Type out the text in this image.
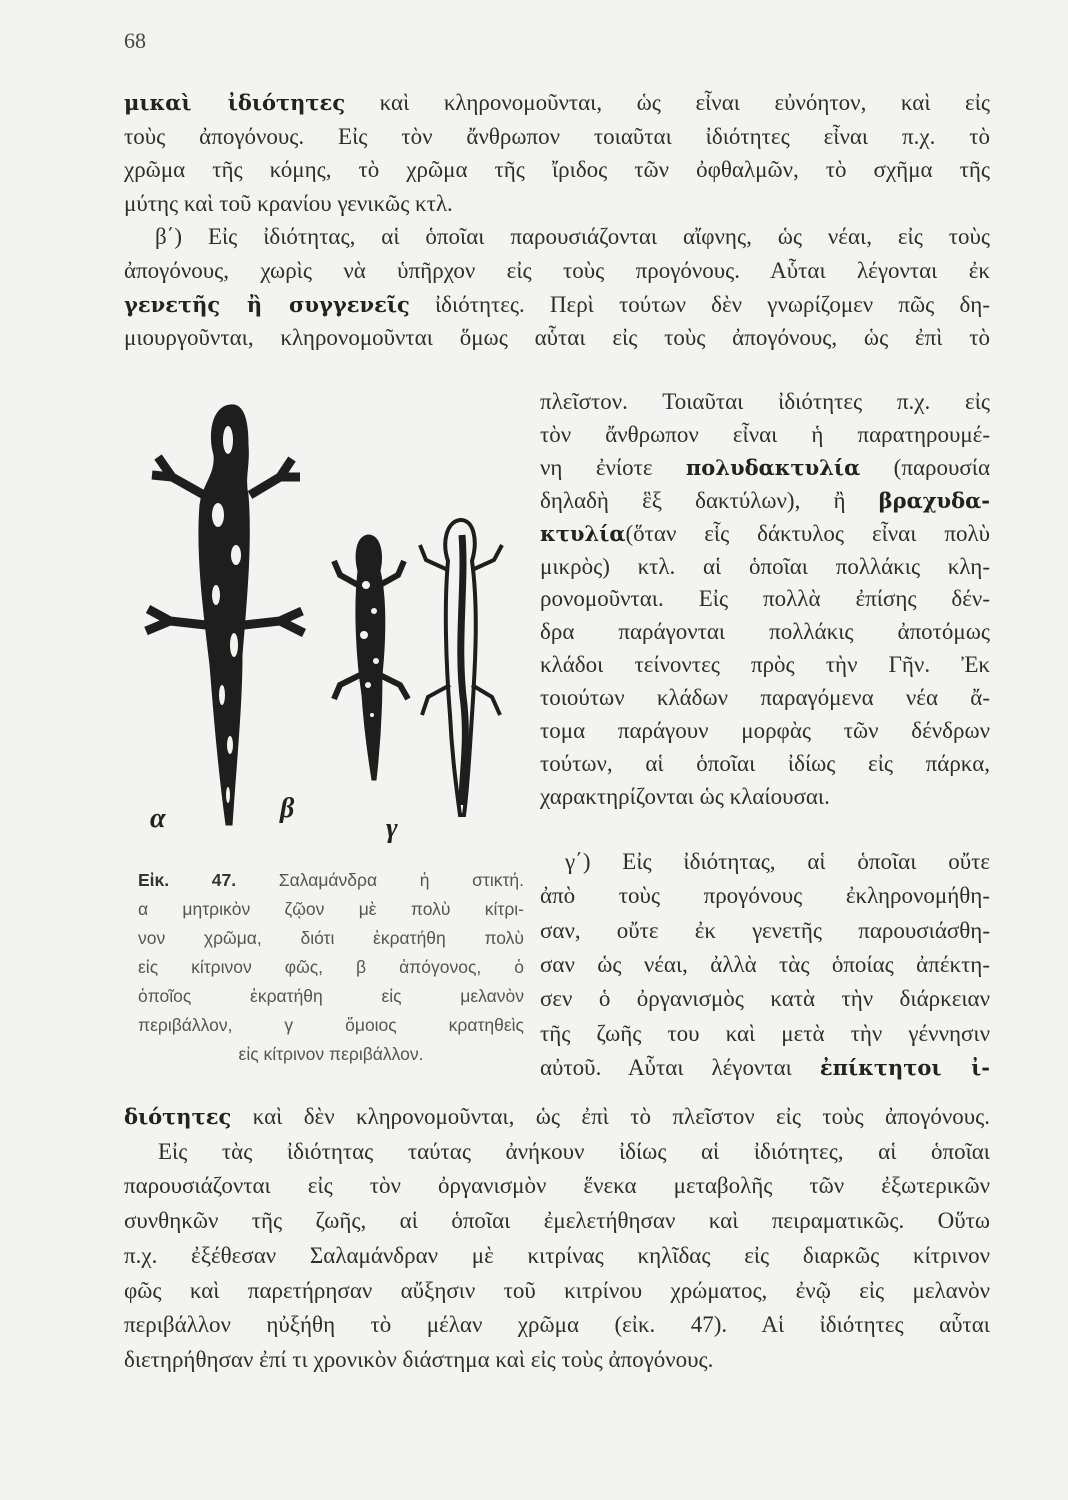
68
μικαὶ ἰδιότητες καὶ κληρονομοῦνται, ὡς εἶναι εὐνόητον, καὶ εἰς
τοὺς ἀπογόνους. Εἰς τὸν ἄνθρωπον τοιαῦται ἰδιότητες εἶναι π.χ. τὸ
χρῶμα τῆς κόμης, τὸ χρῶμα τῆς ἴριδος τῶν ὀφθαλμῶν, τὸ σχῆμα τῆς
μύτης καὶ τοῦ κρανίου γενικῶς κτλ.
β΄) Εἰς ἰδιότητας, αἱ ὁποῖαι παρουσιάζονται αἴφνης, ὡς νέαι, εἰς τοὺς
ἀπογόνους, χωρὶς νὰ ὑπῆρχον εἰς τοὺς προγόνους. Αὗται λέγονται ἐκ
γενετῆς ἢ συγγενεῖς ἰδιότητες. Περὶ τούτων δὲν γνωρίζομεν πῶς δη-
μιουργοῦνται, κληρονομοῦνται ὅμως αὗται εἰς τοὺς ἀπογόνους, ὡς ἐπὶ τὸ
πλεῖστον. Τοιαῦται ἰδιότητες π.χ. εἰς
τὸν ἄνθρωπον εἶναι ἡ παρατηρουμέ-
νη ἐνίοτε πολυδακτυλία (παρουσία
δηλαδὴ ἓξ δακτύλων), ἢ βραχυδα-
κτυλία(ὅταν εἷς δάκτυλος εἶναι πολὺ
μικρὸς) κτλ. αἱ ὁποῖαι πολλάκις κλη-
ρονομοῦνται. Εἰς πολλὰ ἐπίσης δέν-
δρα παράγονται πολλάκις ἀποτόμως
κλάδοι τείνοντες πρὸς τὴν Γῆν. Ἐκ
τοιούτων κλάδων παραγόμενα νέα ἄ-
τομα παράγουν μορφὰς τῶν δένδρων
τούτων, αἱ ὁποῖαι ἰδίως εἰς πάρκα,
χαρακτηρίζονται ὡς κλαίουσαι.
γ΄) Εἰς ἰδιότητας, αἱ ὁποῖαι οὔτε
ἀπὸ τοὺς προγόνους ἐκληρονομήθη-
σαν, οὔτε ἐκ γενετῆς παρουσιάσθη-
σαν ὡς νέαι, ἀλλὰ τὰς ὁποίας ἀπέκτη-
σεν ὁ ὀργανισμὸς κατὰ τὴν διάρκειαν
τῆς ζωῆς του καὶ μετὰ τὴν γέννησιν
αὐτοῦ. Αὗται λέγονται ἐπίκτητοι ἰ-
διότητες καὶ δὲν κληρονομοῦνται, ὡς ἐπὶ τὸ πλεῖστον εἰς τοὺς ἀπογόνους.
Εἰς τὰς ἰδιότητας ταύτας ἀνήκουν ἰδίως αἱ ἰδιότητες, αἱ ὁποῖαι
παρουσιάζονται εἰς τὸν ὀργανισμὸν ἕνεκα μεταβολῆς τῶν ἐξωτερικῶν
συνθηκῶν τῆς ζωῆς, αἱ ὁποῖαι ἐμελετήθησαν καὶ πειραματικῶς. Οὕτω
π.χ. ἐξέθεσαν Σαλαμάνδραν μὲ κιτρίνας κηλῖδας εἰς διαρκῶς κίτρινον
φῶς καὶ παρετήρησαν αὔξησιν τοῦ κιτρίνου χρώματος, ἐνῷ εἰς μελανὸν
περιβάλλον ηὐξήθη τὸ μέλαν χρῶμα (εἰκ. 47). Αἱ ἰδιότητες αὗται
διετηρήθησαν ἐπί τι χρονικὸν διάστημα καὶ εἰς τοὺς ἀπογόνους.
α	β
γ
Εἰκ. 47. Σαλαμάνδρα ἡ στικτή.
α μητρικὸν ζῷον μὲ πολὺ κίτρι-
νον χρῶμα, διότι ἐκρατήθη πολὺ
εἰς κίτρινον φῶς, β ἀπόγονος, ὁ
ὁποῖος ἐκρατήθη εἰς μελανὸν
περιβάλλον, γ ὅμοιος κρατηθεὶς
εἰς κίτρινον περιβάλλον.
